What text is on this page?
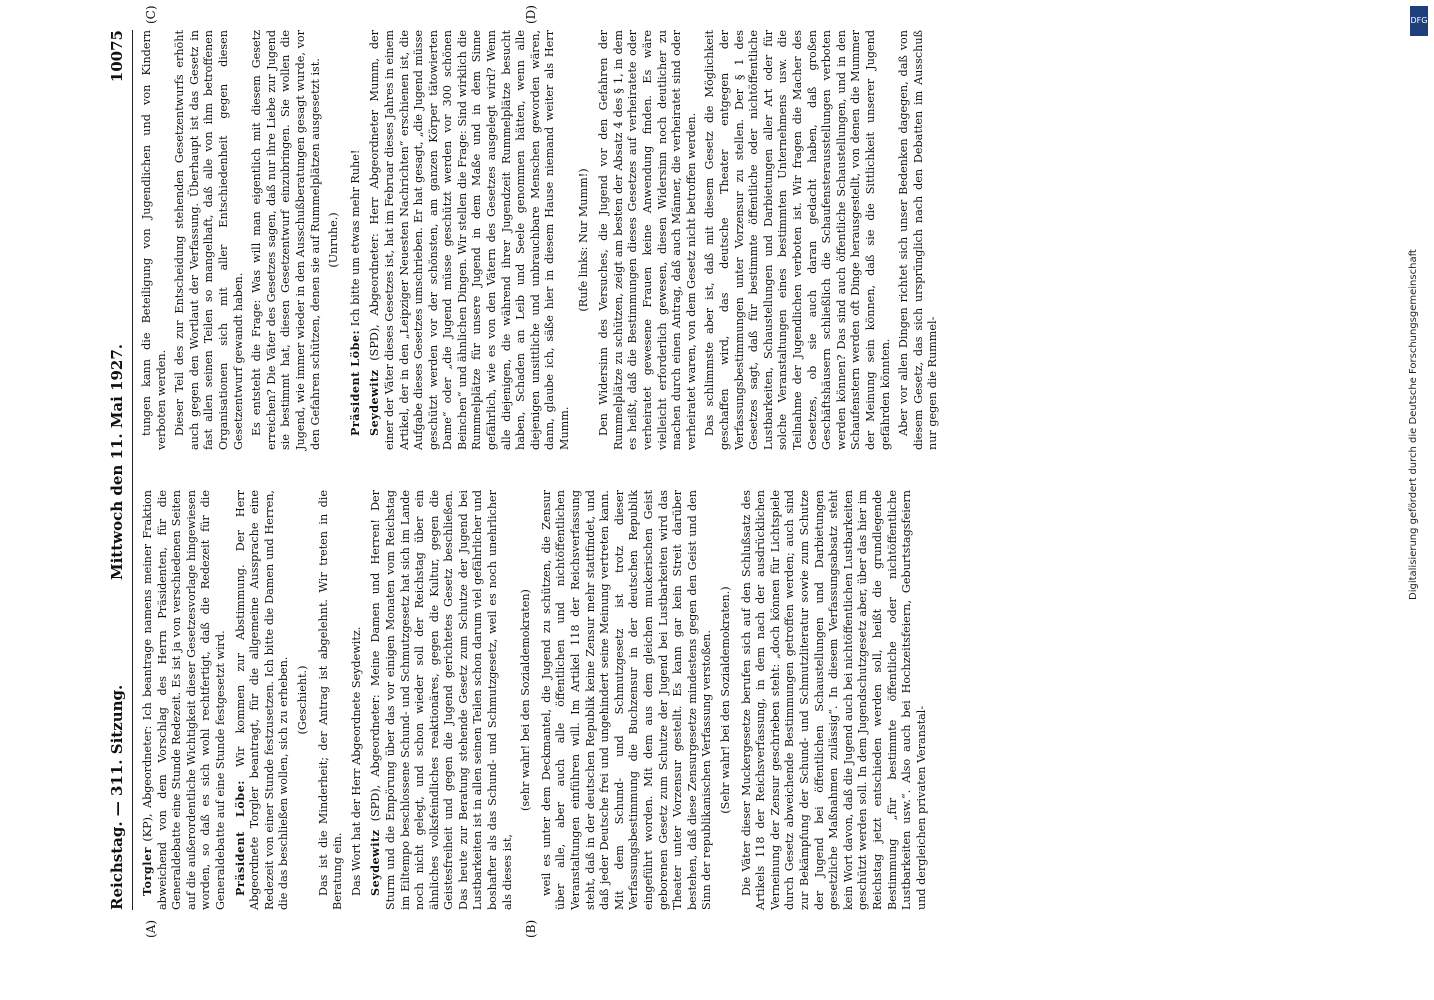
Reichstag. — 311. Sitzung.
Mittwoch den 11. Mai 1927.
10075
(A)	(B)
(C)	(D)

Torgler (KP), Abgeordneter: Ich beantrage namens meiner Fraktion abweichend von dem Vorschlag des Herrn Präsidenten, für die Generaldebatte eine Stunde Redezeit. Es ist ja von verschiedenen Seiten auf die außerordentliche Wichtigkeit dieser Gesetzesvorlage hingewiesen worden, so daß es sich wohl rechtfertigt, daß die Redezeit für die Generaldebatte auf eine Stunde festgesetzt wird. Präsident Löbe: Wir kommen zur Abstimmung. Der Herr Abgeordnete Torgler beantragt, für die allgemeine Aussprache eine Redezeit von einer Stunde festzusetzen. Ich bitte die Damen und Herren, die das beschließen wollen, sich zu erheben. (Geschieht.) Das ist die Minderheit; der Antrag ist abgelehnt. Wir treten in die Beratung ein. Das Wort hat der Herr Abgeordnete Seydewitz. Seydewitz (SPD), Abgeordneter: Meine Damen und Herren! Der Sturm und die Empörung über das vor einigen Monaten vom Reichstag im Eiltempo beschlossene Schund- und Schmutzgesetz hat sich im Lande noch nicht gelegt, und schon wieder soll der Reichstag über ein ähnliches volksfeindliches reaktionäres, gegen die Kultur, gegen die Geistesfreiheit und gegen die Jugend gerichtetes Gesetz beschließen. Das heute zur Beratung stehende Gesetz zum Schutze der Jugend bei Lustbarkeiten ist in allen seinen Teilen schon darum viel gefährlicher und boshafter als das Schund- und Schmutzgesetz, weil es noch unehrlicher als dieses ist,

(sehr wahr! bei den Sozialdemokraten) weil es unter dem Deckmantel, die Jugend zu schützen, die Zensur über alle, aber auch alle öffentlichen und nichtöffentlichen Veranstaltungen einführen will. Im Artikel 118 der Reichsverfassung steht, daß in der deutschen Republik keine Zensur mehr stattfindet, und daß jeder Deutsche frei und ungehindert seine Meinung vertreten kann. Mit dem Schund- und Schmutzgesetz ist trotz dieser Verfassungsbestimmung die Buchzensur in der deutschen Republik eingeführt worden. Mit dem aus dem gleichen muckerischen Geist geborenen Gesetz zum Schutze der Jugend bei Lustbarkeiten wird das Theater unter Vorzensur gestellt. Es kann gar kein Streit darüber bestehen, daß diese Zensurgesetze mindestens gegen den Geist und den Sinn der republikanischen Verfassung verstoßen. (Sehr wahr! bei den Sozialdemokraten.) Die Väter dieser Muckergesetze berufen sich auf den Schlußsatz des Artikels 118 der Reichsverfassung, in dem nach der ausdrücklichen Verneinung der Zensur geschrieben steht: „doch können für Lichtspiele durch Gesetz abweichende Bestimmungen getroffen werden; auch sind zur Bekämpfung der Schund- und Schmutzliteratur sowie zum Schutze der Jugend bei öffentlichen Schaustellungen und Darbietungen gesetzliche Maßnahmen zulässig“. In diesem Verfassungsabsatz steht kein Wort davon, daß die Jugend auch bei nichtöffentlichen Lustbarkeiten geschützt werden soll. In dem Jugendschutzgesetz aber, über das hier im Reichstag jetzt entschieden werden soll, heißt die grundlegende Bestimmung „für bestimmte öffentliche oder nichtöffentliche Lustbarkeiten usw.“. Also auch bei Hochzeitsfeiern, Geburtstagsfeiern und dergleichen privaten Veranstal-

tungen kann die Beteiligung von Jugendlichen und von Kindern verboten werden. Dieser Teil des zur Entscheidung stehenden Gesetzentwurfs erhöht auch gegen den Wortlaut der Verfassung. Überhaupt ist das Gesetz in fast allen seinen Teilen so mangelhaft, daß alle von ihm betroffenen Organisationen sich mit aller Entschiedenheit gegen diesen Gesetzentwurf gewandt haben. Es entsteht die Frage: Was will man eigentlich mit diesem Gesetz erreichen? Die Väter des Gesetzes sagen, daß nur ihre Liebe zur Jugend sie bestimmt hat, diesen Gesetzentwurf einzubringen. Sie wollen die Jugend, wie immer wieder in den Ausschußberatungen gesagt wurde, vor den Gefahren schützen, denen sie auf Rummelplätzen ausgesetzt ist. (Unruhe.)

Präsident Löbe: Ich bitte um etwas mehr Ruhe!

Seydewitz (SPD), Abgeordneter: Herr Abgeordneter Mumm, der einer der Väter dieses Gesetzes ist, hat im Februar dieses Jahres in einem Artikel, der in den „Leipziger Neuesten Nachrichten“ erschienen ist, die Aufgabe dieses Gesetzes umschrieben. Er hat gesagt, „die Jugend müsse geschützt werden vor der schönsten, am ganzen Körper tätowierten Dame“ oder „die Jugend müsse geschützt werden vor 300 schönen Beinchen“ und ähnlichen Dingen. Wir stellen die Frage: Sind wirklich die Rummelplätze für unsere Jugend in dem Maße und in dem Sinne gefährlich, wie es von den Vätern des Gesetzes ausgelegt wird? Wenn alle diejenigen, die während ihrer Jugendzeit Rummelplätze besucht haben, Schaden an Leib und Seele genommen hätten, wenn alle diejenigen unsittliche und unbrauchbare Menschen geworden wären, dann, glaube ich, säße hier in diesem Hause niemand weiter als Herr Mumm.

(Rufe links: Nur Mumm!) Den Widersinn des Versuches, die Jugend vor den Gefahren der Rummelplätze zu schützen, zeigt am besten der Absatz 4 des § 1, in dem es heißt, daß die Bestimmungen dieses Gesetzes auf verheiratete oder verheiratet gewesene Frauen keine Anwendung finden. Es wäre vielleicht erforderlich gewesen, diesen Widersinn noch deutlicher zu machen durch einen Antrag, daß auch Männer, die verheiratet sind oder verheiratet waren, von dem Gesetz nicht betroffen werden. Das schlimmste aber ist, daß mit diesem Gesetz die Möglichkeit geschaffen wird, das deutsche Theater entgegen der Verfassungsbestimmungen unter Vorzensur zu stellen. Der § 1 des Gesetzes sagt, daß für bestimmte öffentliche oder nichtöffentliche Lustbarkeiten, Schaustellungen und Darbietungen aller Art oder für solche Veranstaltungen eines bestimmten Unternehmens usw. die Teilnahme der Jugendlichen verboten ist. Wir fragen die Macher des Gesetzes, ob sie auch daran gedacht haben, daß großen Geschäftshäusern schließlich die Schaufensterausstellungen verboten werden können? Das sind auch öffentliche Schaustellungen, und in den Schaufenstern werden oft Dinge herausgestellt, von denen die Mummer der Meinung sein können, daß sie die Sittlichkeit unserer Jugend gefährden könnten. Aber vor allen Dingen richtet sich unser Bedenken dagegen, daß von diesem Gesetz, das sich ursprünglich nach den Debatten im Ausschuß nur gegen die Rummel-

DFG
Digitalisierung gefördert durch die Deutsche Forschungsgemeinschaft
